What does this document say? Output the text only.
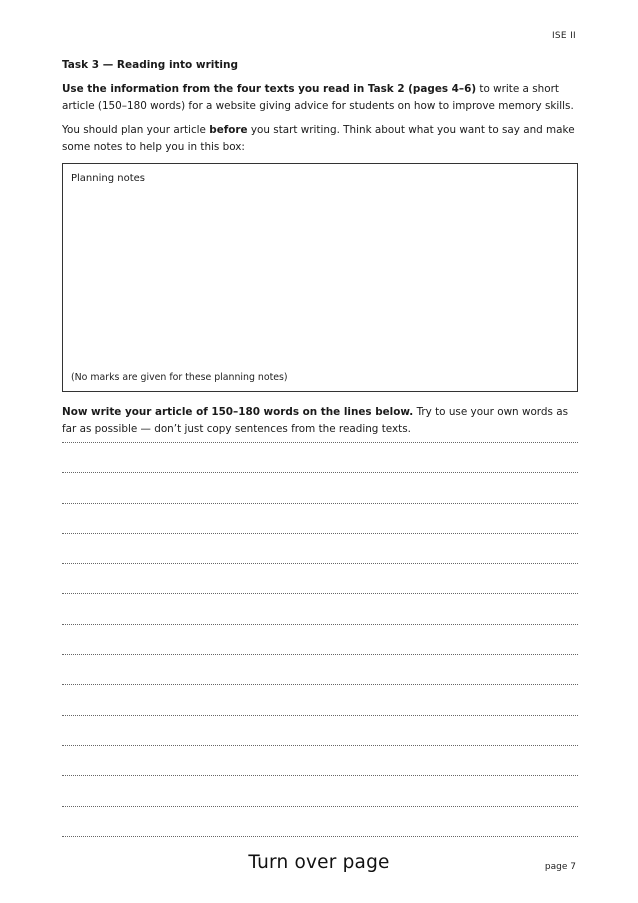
ISE II
Task 3 — Reading into writing

Use the information from the four texts you read in Task 2 (pages 4–6) to write a short article (150–180 words) for a website giving advice for students on how to improve memory skills.

You should plan your article before you start writing. Think about what you want to say and make some notes to help you in this box:

Planning notes
(No marks are given for these planning notes)

Now write your article of 150–180 words on the lines below. Try to use your own words as far as possible — don’t just copy sentences from the reading texts.

Turn over page	page 7
